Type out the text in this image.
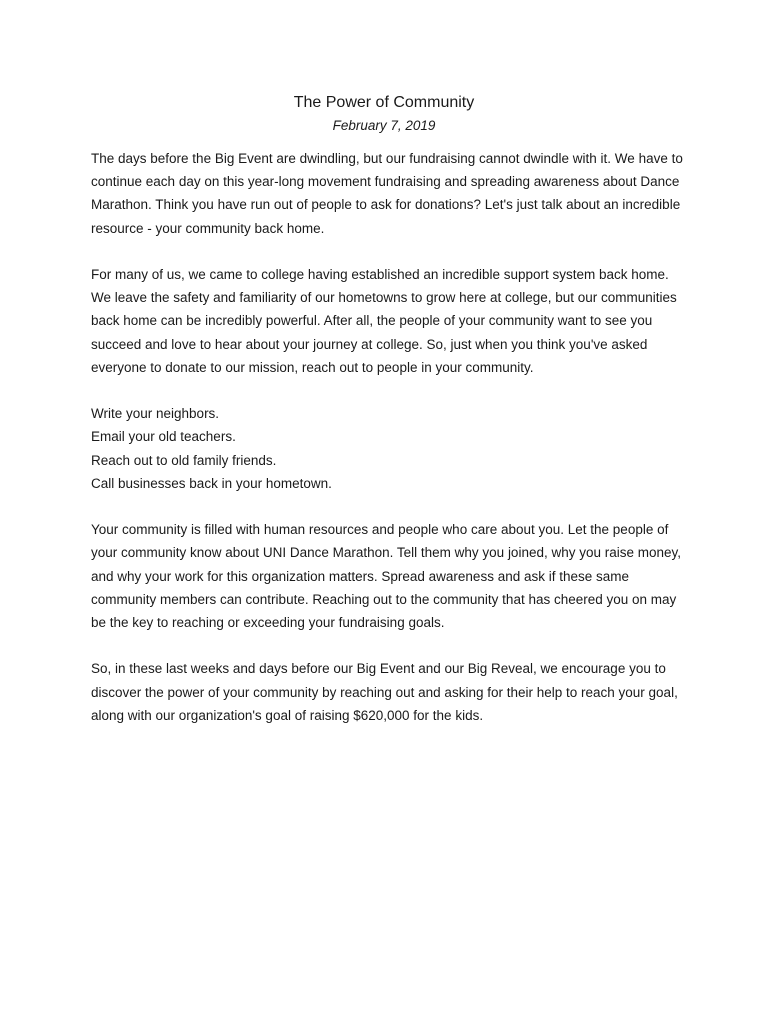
The Power of Community
February 7, 2019

The days before the Big Event are dwindling, but our fundraising cannot dwindle with it. We have to continue each day on this year-long movement fundraising and spreading awareness about Dance Marathon. Think you have run out of people to ask for donations? Let's just talk about an incredible resource - your community back home.

For many of us, we came to college having established an incredible support system back home. We leave the safety and familiarity of our hometowns to grow here at college, but our communities back home can be incredibly powerful. After all, the people of your community want to see you succeed and love to hear about your journey at college. So, just when you think you've asked everyone to donate to our mission, reach out to people in your community.

Write your neighbors.

Email your old teachers.

Reach out to old family friends.

Call businesses back in your hometown.

Your community is filled with human resources and people who care about you. Let the people of your community know about UNI Dance Marathon. Tell them why you joined, why you raise money, and why your work for this organization matters. Spread awareness and ask if these same community members can contribute. Reaching out to the community that has cheered you on may be the key to reaching or exceeding your fundraising goals.

So, in these last weeks and days before our Big Event and our Big Reveal, we encourage you to discover the power of your community by reaching out and asking for their help to reach your goal, along with our organization's goal of raising $620,000 for the kids.
